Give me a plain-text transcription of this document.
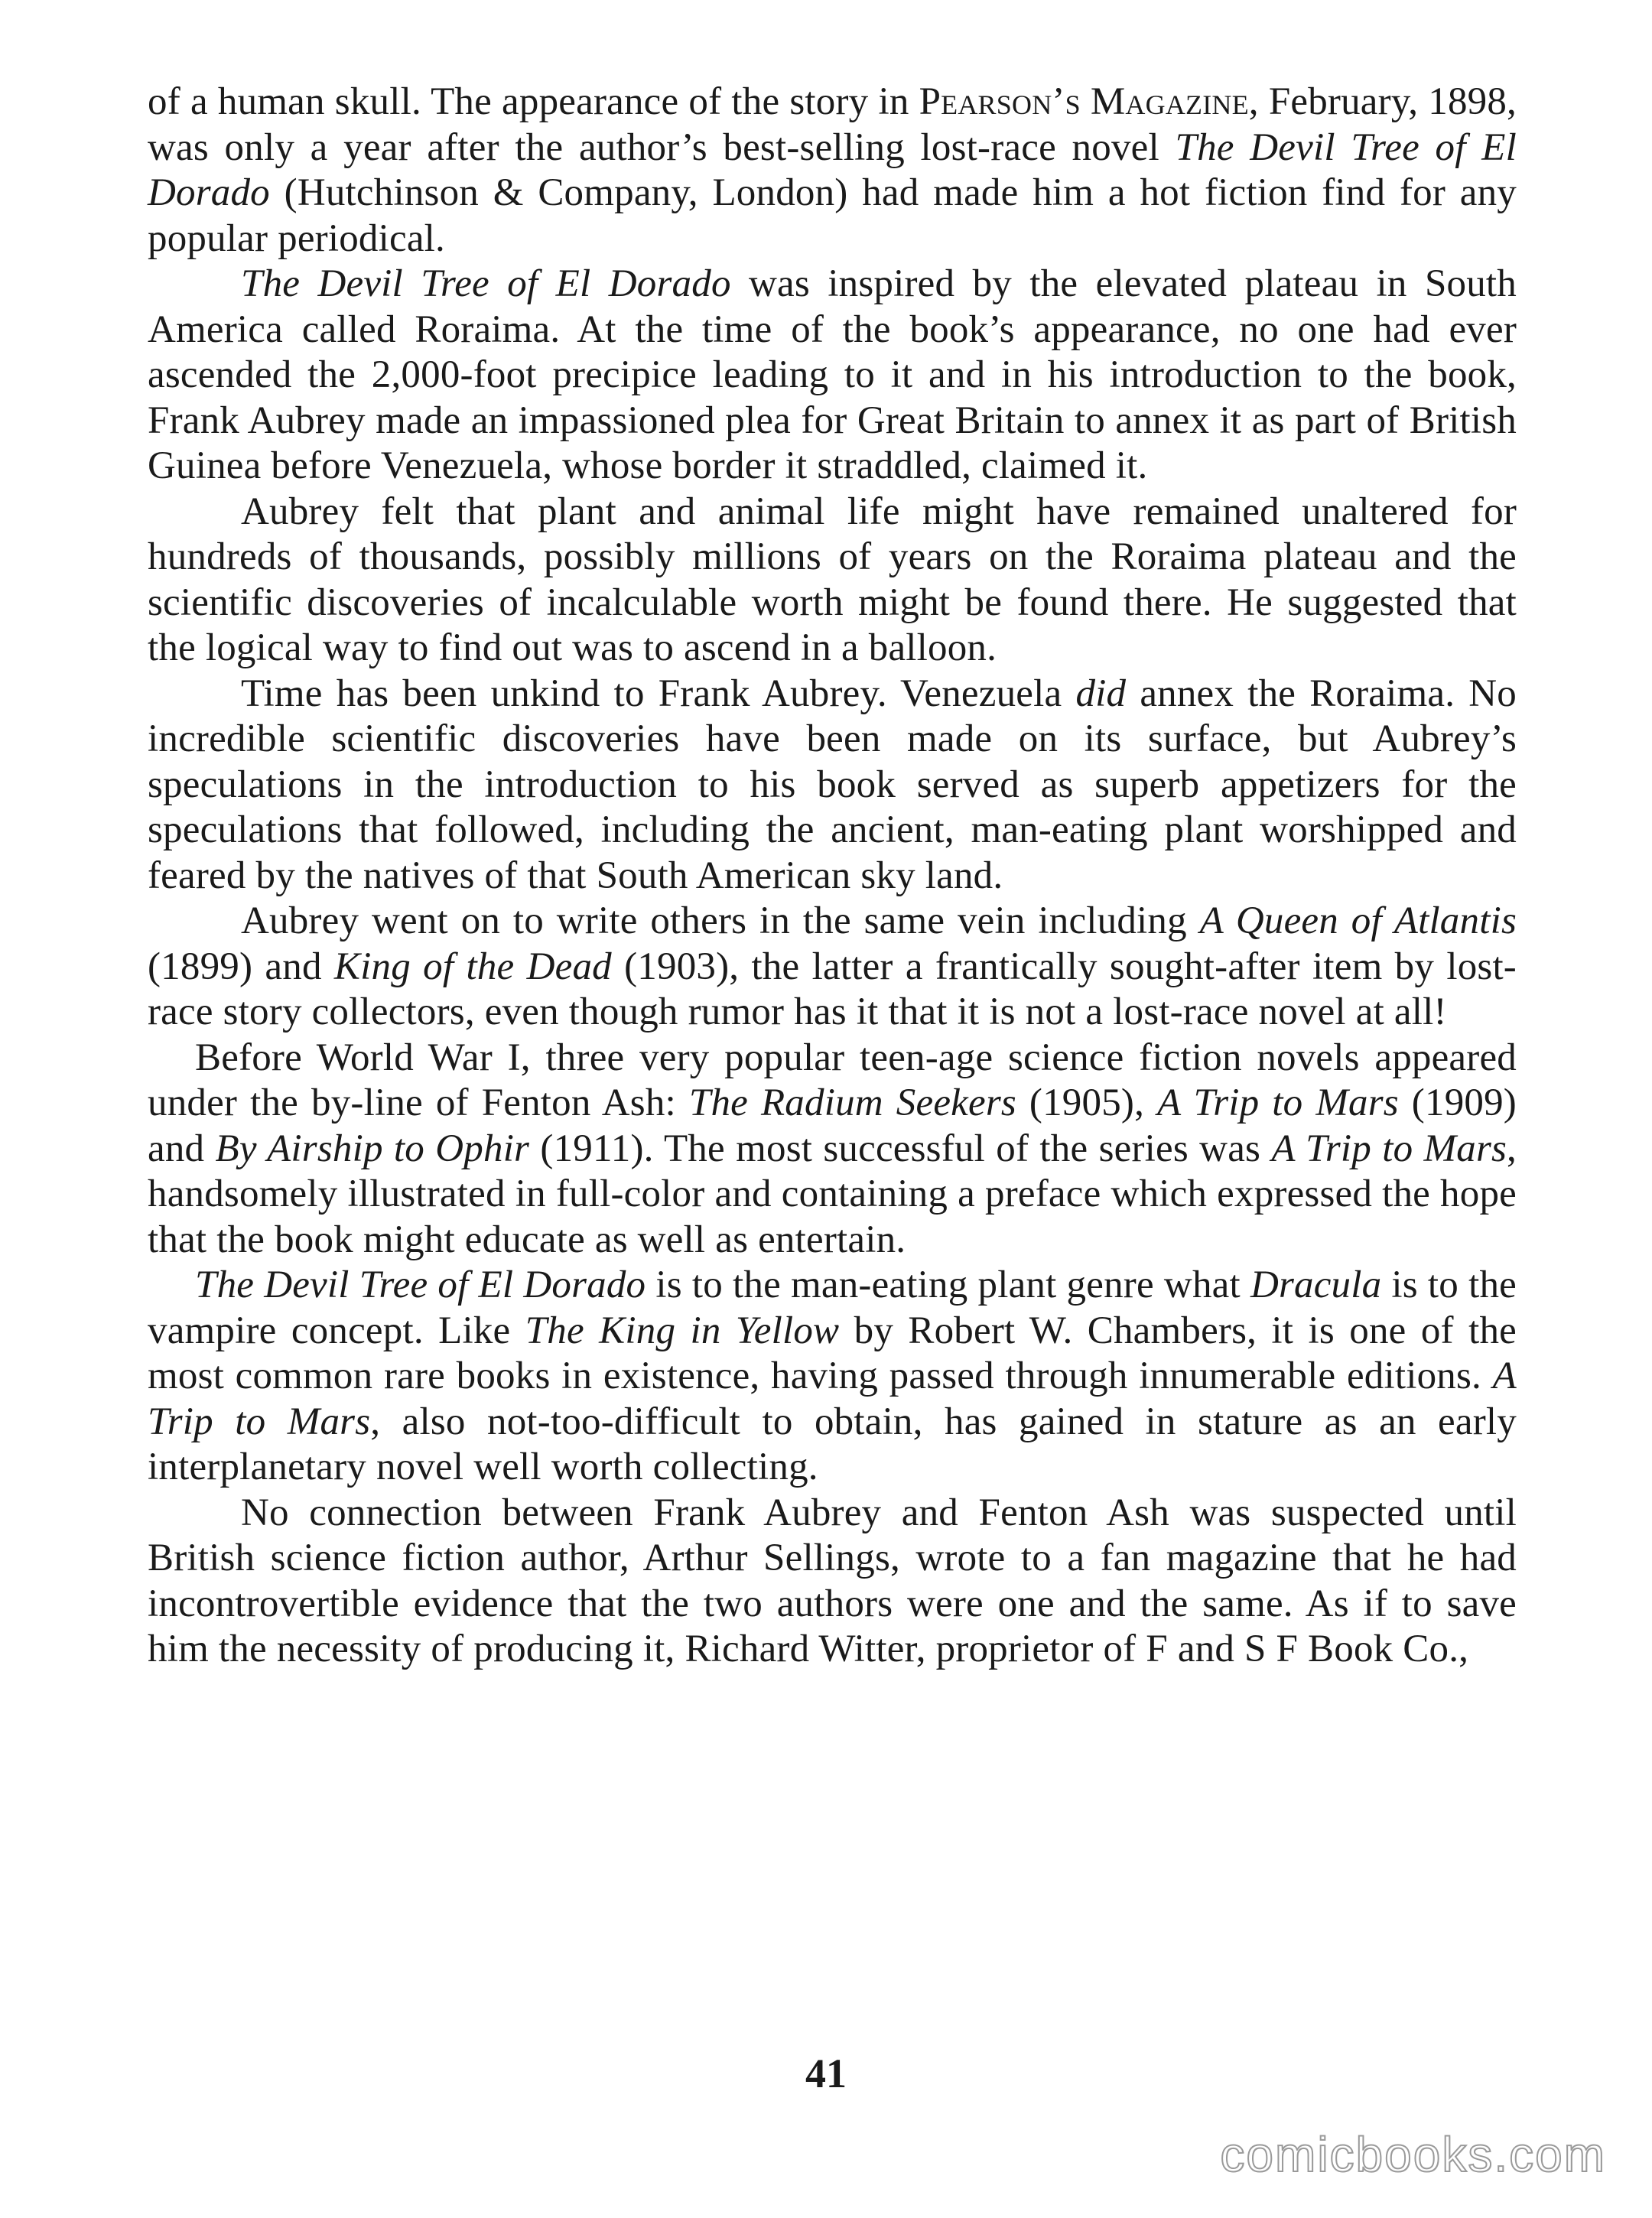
of a human skull. The appearance of the story in Pearson’s Magazine, February, 1898, was only a year after the author’s best-selling lost-race novel The Devil Tree of El Dorado (Hutchinson & Company, London) had made him a hot fiction find for any popular periodical.

The Devil Tree of El Dorado was inspired by the elevated plateau in South America called Roraima. At the time of the book’s appearance, no one had ever ascended the 2,000-foot precipice leading to it and in his introduction to the book, Frank Aubrey made an impassioned plea for Great Britain to annex it as part of British Guinea before Venezuela, whose border it straddled, claimed it.

Aubrey felt that plant and animal life might have remained unaltered for hundreds of thousands, possibly millions of years on the Roraima plateau and the scientific discoveries of incalculable worth might be found there. He suggested that the logical way to find out was to ascend in a balloon.

Time has been unkind to Frank Aubrey. Venezuela did annex the Roraima. No incredible scientific discoveries have been made on its surface, but Aubrey’s speculations in the introduction to his book served as superb appetizers for the speculations that followed, including the ancient, man-eating plant worshipped and feared by the natives of that South American sky land.

Aubrey went on to write others in the same vein including A Queen of Atlantis (1899) and King of the Dead (1903), the latter a frantically sought-after item by lost-race story collectors, even though rumor has it that it is not a lost-race novel at all!

Before World War I, three very popular teen-age science fiction novels appeared under the by-line of Fenton Ash: The Radium Seekers (1905), A Trip to Mars (1909) and By Airship to Ophir (1911). The most successful of the series was A Trip to Mars, handsomely illustrated in full-color and containing a preface which expressed the hope that the book might educate as well as entertain.

The Devil Tree of El Dorado is to the man-eating plant genre what Dracula is to the vampire concept. Like The King in Yellow by Robert W. Chambers, it is one of the most common rare books in existence, having passed through innumerable editions. A Trip to Mars, also not-too-difficult to obtain, has gained in stature as an early interplanetary novel well worth collecting.

No connection between Frank Aubrey and Fenton Ash was suspected until British science fiction author, Arthur Sellings, wrote to a fan magazine that he had incontrovertible evidence that the two authors were one and the same. As if to save him the necessity of producing it, Richard Witter, proprietor of F and S F Book Co.,

41
comicbooks.com
